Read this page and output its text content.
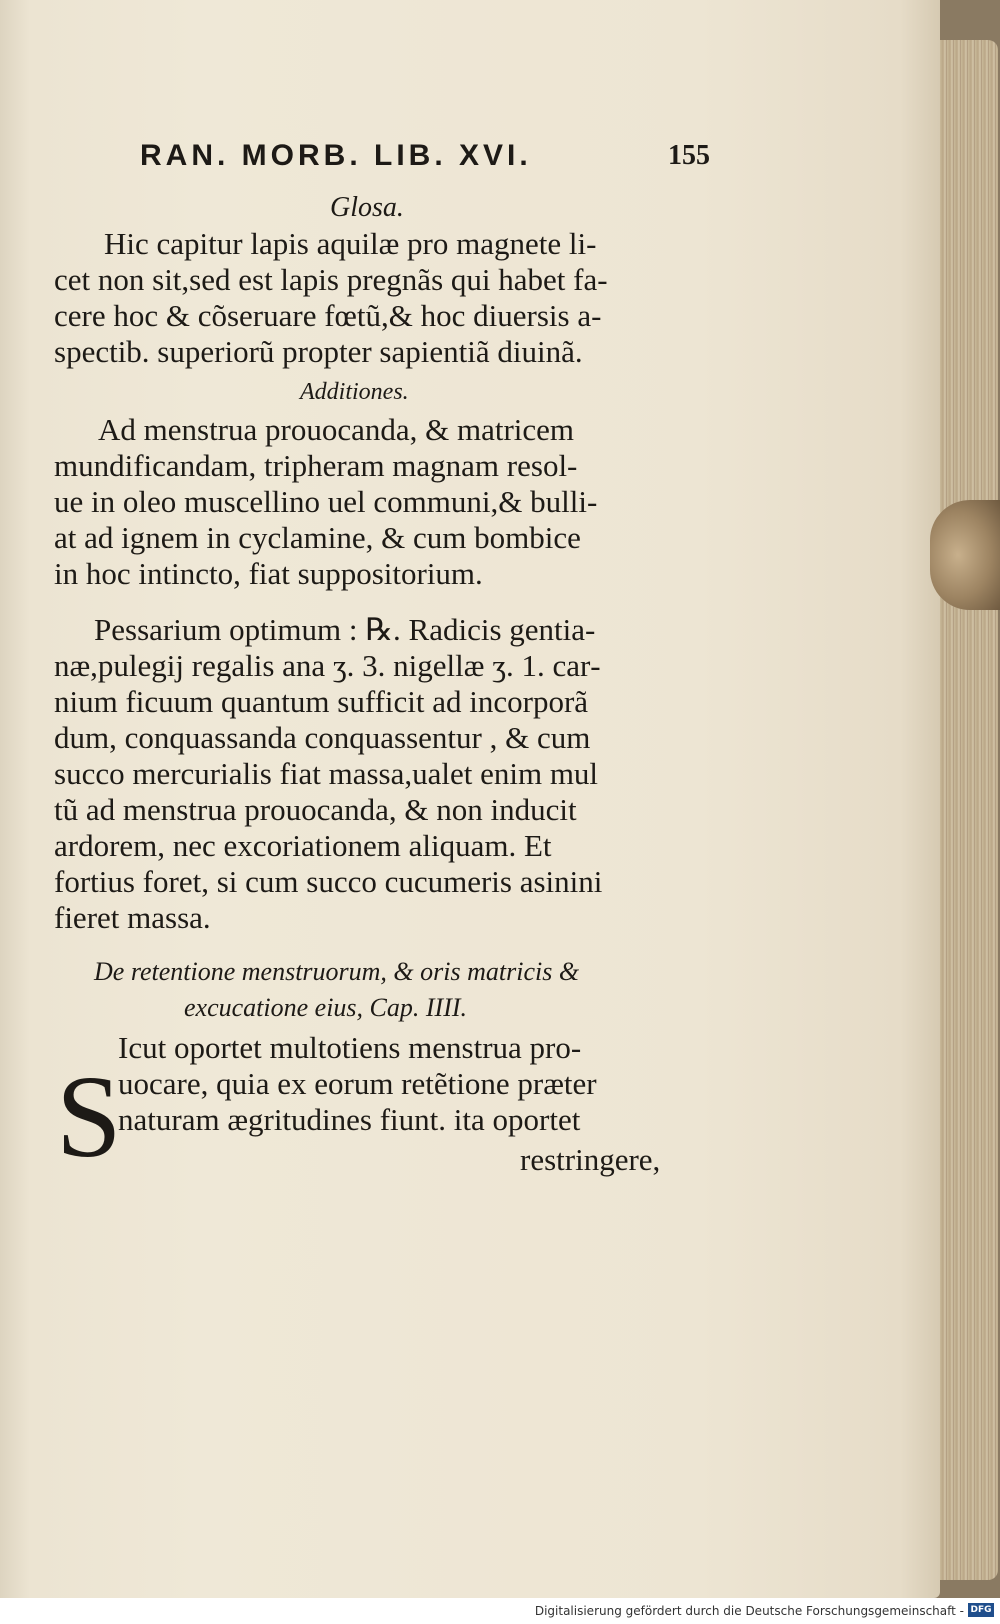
RAN. MORB. LIB. XVI.	155
Glosa.
Hic capitur lapis aquilæ pro magnete li‑
cet non sit,sed est lapis pregnãs qui habet fa‑
cere hoc & cõseruare fœtũ,& hoc diuersis a‑
spectib. superiorũ propter sapientiã diuinã.
Additiones.
Ad menstrua prouocanda, & matricem
mundificandam, tripheram magnam resol‑
ue in oleo muscellino uel communi,& bulli‑
at ad ignem in cyclamine, & cum bombice
in hoc intincto, fiat suppositorium.
Pessarium optimum : ℞. Radicis gentia‑
næ,pulegij regalis ana ʒ. 3. nigellæ ʒ. 1. car‑
nium ficuum quantum sufficit ad incorporã
dum, conquassanda conquassentur , & cum
succo mercurialis fiat massa,ualet enim mul
tũ ad menstrua prouocanda, & non inducit
ardorem, nec excoriationem aliquam. Et
fortius foret, si cum succo cucumeris asinini
fieret massa.
De retentione menstruorum, & oris matricis &
excucatione eius, Cap. IIII.
S
Icut oportet multotiens menstrua pro‑
uocare, quia ex eorum retẽtione præter
naturam ægritudines fiunt. ita oportet
restringere,
Digitalisierung gefördert durch die Deutsche Forschungsgemeinschaft - DFG
